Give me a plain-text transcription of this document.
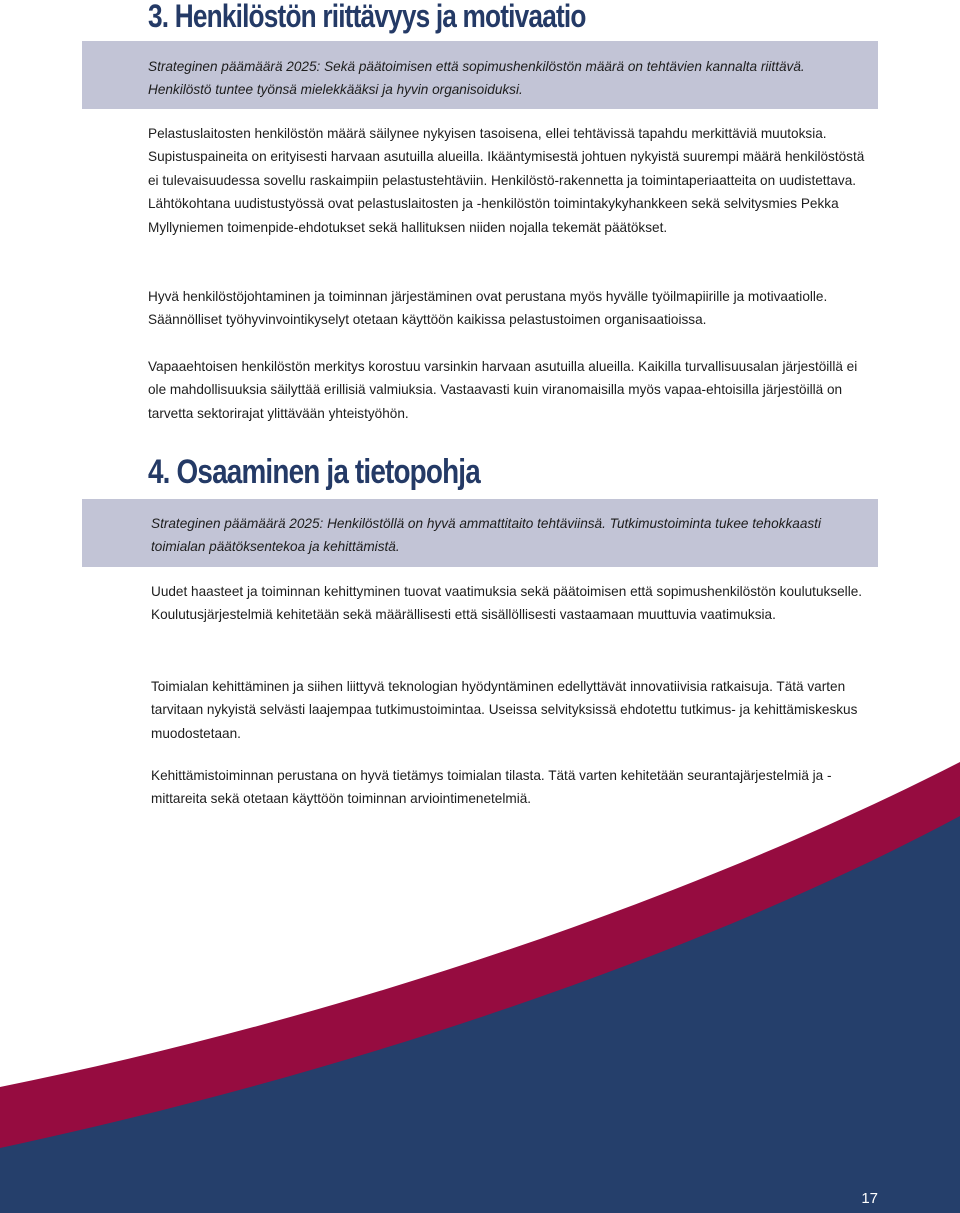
3. Henkilöstön riittävyys ja motivaatio

Strateginen päämäärä 2025: Sekä päätoimisen että sopimushenkilöstön määrä on tehtävien kannalta riittävä. Henkilöstö tuntee työnsä mielekkääksi ja hyvin organisoiduksi.

Pelastuslaitosten henkilöstön määrä säilynee nykyisen tasoisena, ellei tehtävissä tapahdu merkittäviä muutoksia. Supistuspaineita on erityisesti harvaan asutuilla alueilla. Ikääntymisestä johtuen nykyistä suurempi määrä henkilöstöstä ei tulevaisuudessa sovellu raskaimpiin pelastustehtäviin. Henkilöstö-rakennetta ja toimintaperiaatteita on uudistettava. Lähtökohtana uudistustyössä ovat pelastuslaitosten ja -henkilöstön toimintakykyhankkeen sekä selvitysmies Pekka Myllyniemen toimenpide-ehdotukset sekä hallituksen niiden nojalla tekemät päätökset.

Hyvä henkilöstöjohtaminen ja toiminnan järjestäminen ovat perustana myös hyvälle työilmapiirille ja motivaatiolle. Säännölliset työhyvinvointikyselyt otetaan käyttöön kaikissa pelastustoimen organisaatioissa.

Vapaaehtoisen henkilöstön merkitys korostuu varsinkin harvaan asutuilla alueilla. Kaikilla turvallisuusalan järjestöillä ei ole mahdollisuuksia säilyttää erillisiä valmiuksia. Vastaavasti kuin viranomaisilla myös vapaa-ehtoisilla järjestöillä on tarvetta sektorirajat ylittävään yhteistyöhön.

4. Osaaminen ja tietopohja

Strateginen päämäärä 2025: Henkilöstöllä on hyvä ammattitaito tehtäviinsä. Tutkimustoiminta tukee tehokkaasti toimialan päätöksentekoa ja kehittämistä.

Uudet haasteet ja toiminnan kehittyminen tuovat vaatimuksia sekä päätoimisen että sopimushenkilöstön koulutukselle. Koulutusjärjestelmiä kehitetään sekä määrällisesti että sisällöllisesti vastaamaan muuttuvia vaatimuksia.

Toimialan kehittäminen ja siihen liittyvä teknologian hyödyntäminen edellyttävät innovatiivisia ratkaisuja. Tätä varten tarvitaan nykyistä selvästi laajempaa tutkimustoimintaa. Useissa selvityksissä ehdotettu tutkimus- ja kehittämiskeskus muodostetaan.

Kehittämistoiminnan perustana on hyvä tietämys toimialan tilasta. Tätä varten kehitetään seurantajärjestelmiä ja -mittareita sekä otetaan käyttöön toiminnan arviointimenetelmiä.

17
